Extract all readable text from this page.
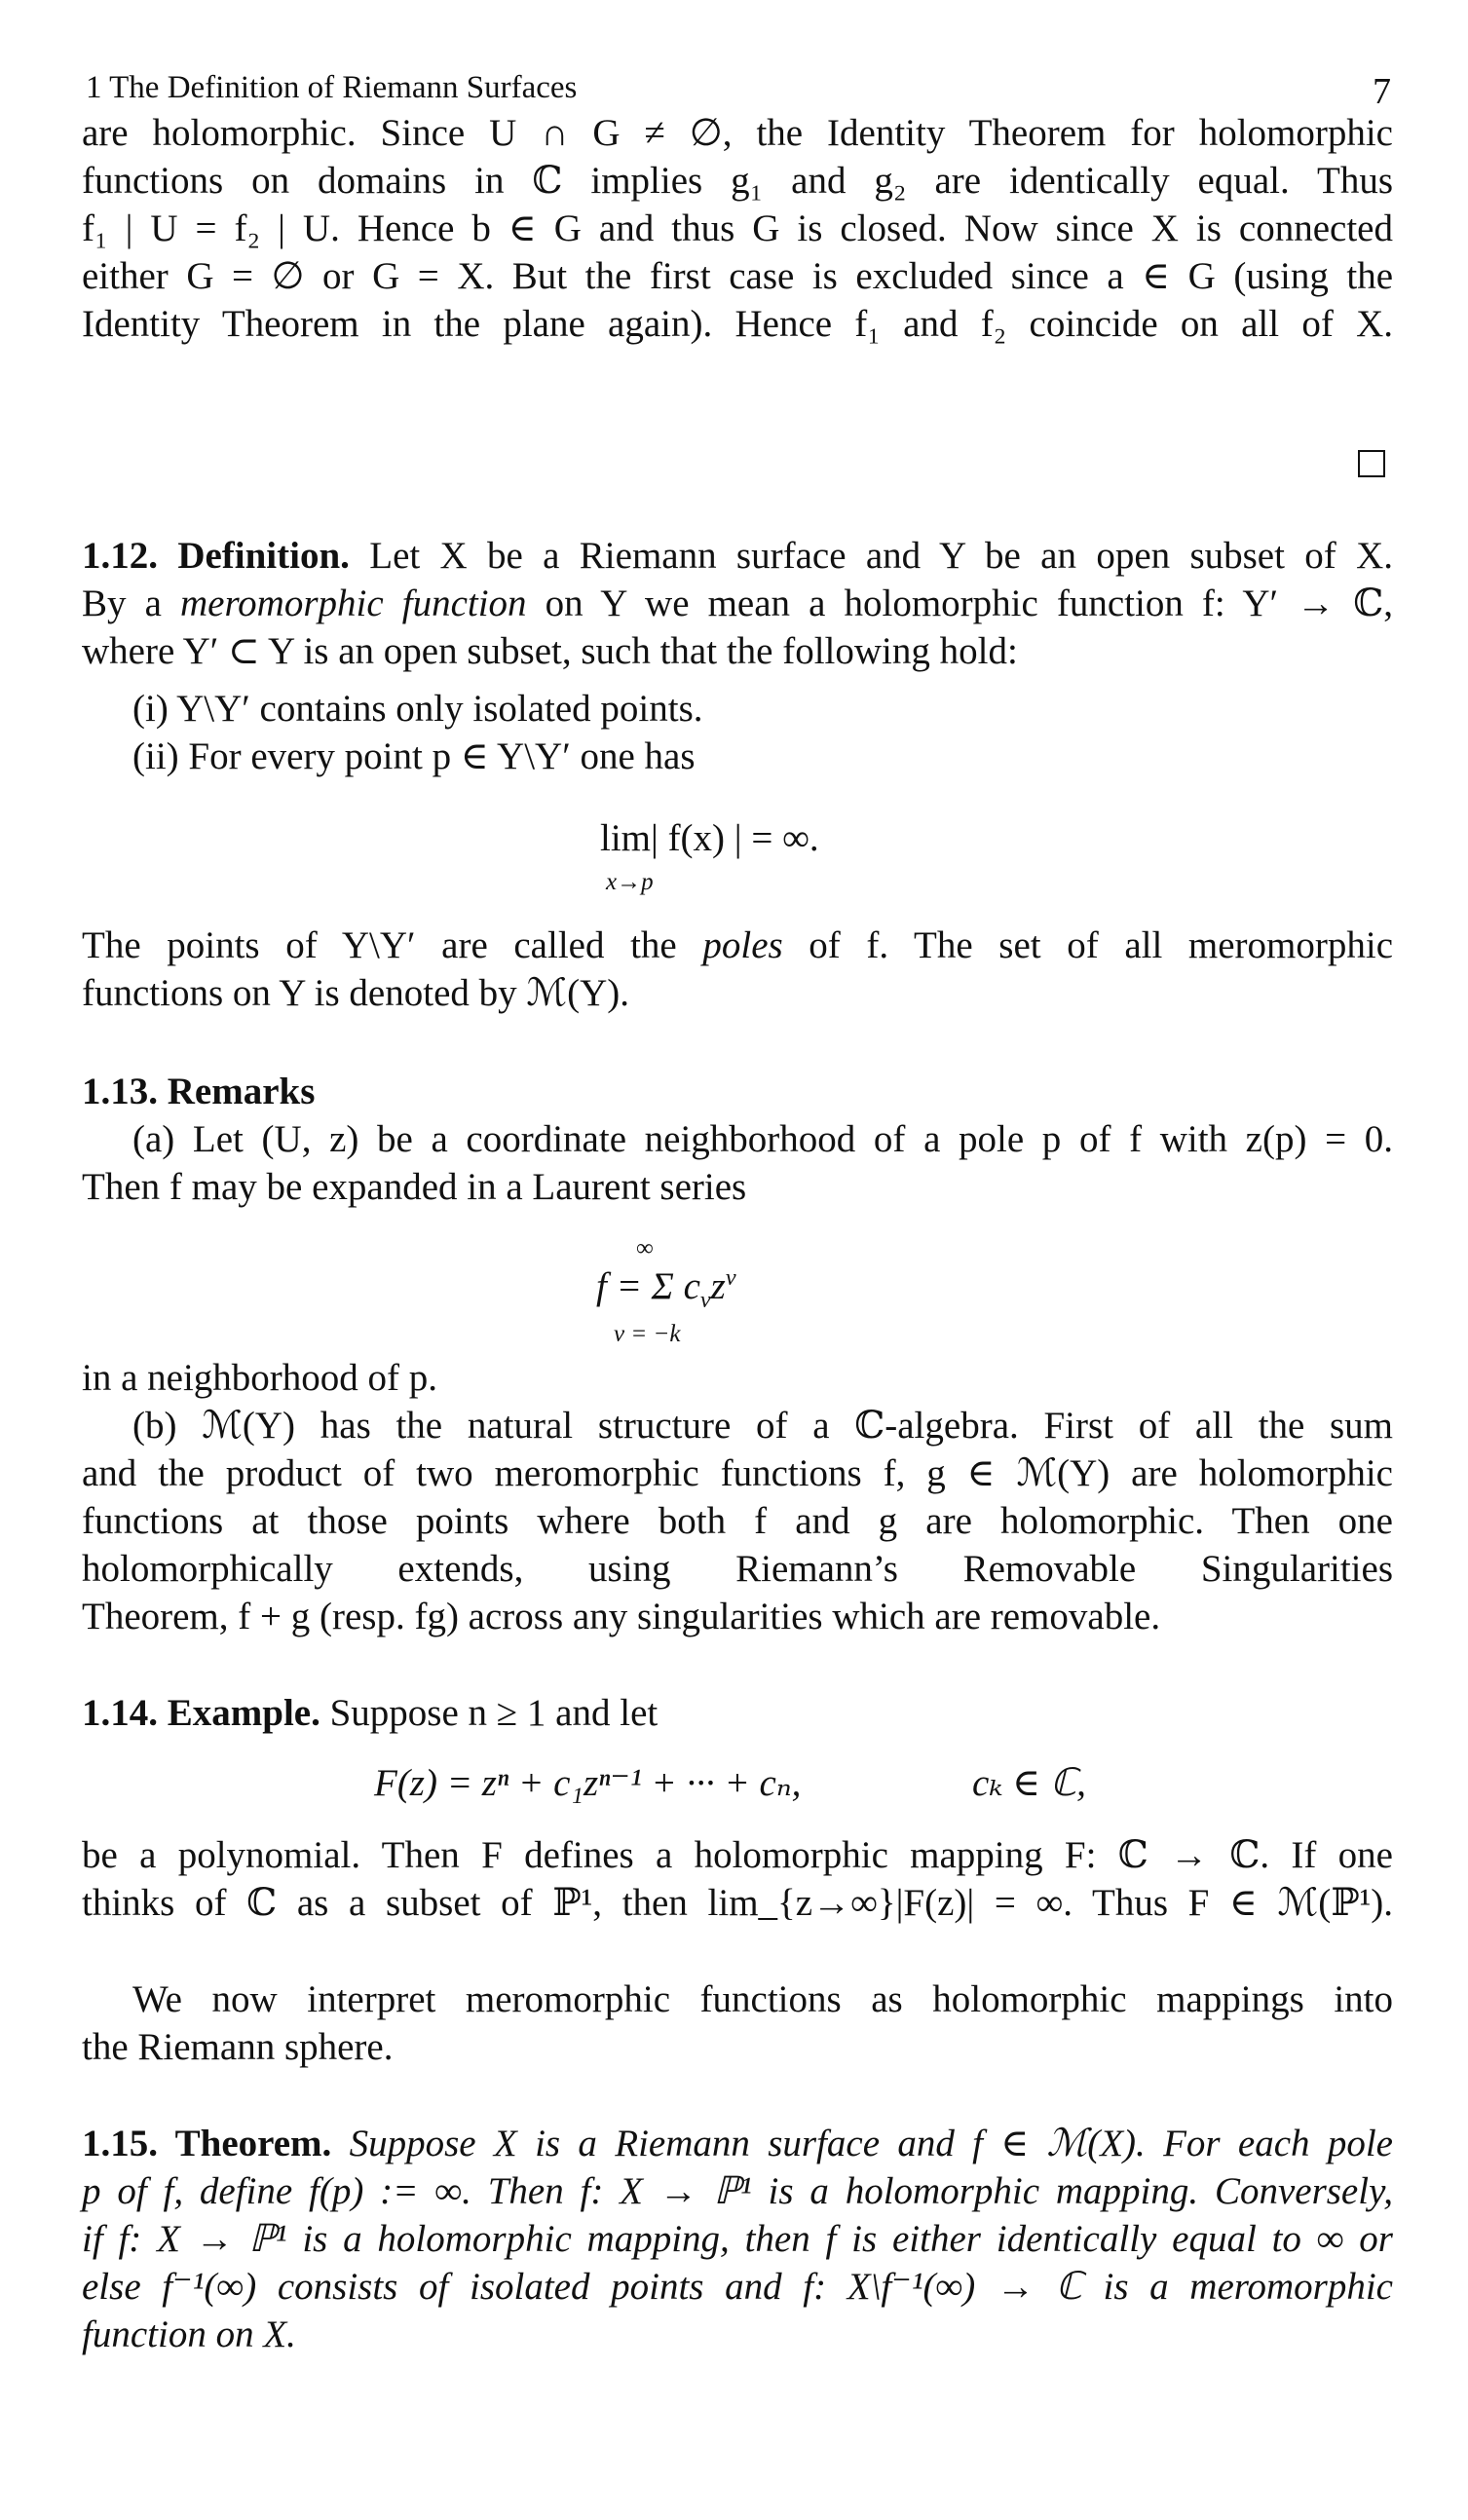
1 The Definition of Riemann Surfaces	7
are holomorphic. Since U ∩ G ≠ ∅, the Identity Theorem for holomorphic
functions on domains in ℂ implies g₁ and g₂ are identically equal. Thus
f₁ | U = f₂ | U. Hence b ∈ G and thus G is closed. Now since X is connected
either G = ∅ or G = X. But the first case is excluded since a ∈ G (using the
Identity Theorem in the plane again). Hence f₁ and f₂ coincide on all of X.
1.12. Definition. Let X be a Riemann surface and Y be an open subset of X.
By a meromorphic function on Y we mean a holomorphic function f: Y′ → ℂ,
where Y′ ⊂ Y is an open subset, such that the following hold:
(i) Y\Y′ contains only isolated points.
(ii) For every point p ∈ Y\Y′ one has
lim| f(x) | = ∞.
x→p
The points of Y\Y′ are called the poles of f. The set of all meromorphic
functions on Y is denoted by ℳ(Y).
1.13. Remarks
(a) Let (U, z) be a coordinate neighborhood of a pole p of f with z(p) = 0.
Then f may be expanded in a Laurent series
∞
f = Σ $c_\nu z^\nu$
ν = −k
in a neighborhood of p.
(b) ℳ(Y) has the natural structure of a ℂ-algebra. First of all the sum
and the product of two meromorphic functions f, g ∈ ℳ(Y) are holomorphic
functions at those points where both f and g are holomorphic. Then one
holomorphically extends, using Riemann’s Removable Singularities
Theorem, f + g (resp. fg) across any singularities which are removable.
1.14. Example. Suppose n ≥ 1 and let
F(z) = zⁿ + c₁zⁿ⁻¹ + ··· + cₙ,	cₖ ∈ ℂ,
be a polynomial. Then F defines a holomorphic mapping F: ℂ → ℂ. If one
thinks of ℂ as a subset of ℙ¹, then lim_{z→∞}|F(z)| = ∞. Thus F ∈ ℳ(ℙ¹).
We now interpret meromorphic functions as holomorphic mappings into
the Riemann sphere.
1.15. Theorem. Suppose X is a Riemann surface and f ∈ ℳ(X). For each pole
p of f, define f(p) := ∞. Then f: X → ℙ¹ is a holomorphic mapping. Conversely,
if f: X → ℙ¹ is a holomorphic mapping, then f is either identically equal to ∞ or
else f⁻¹(∞) consists of isolated points and f: X\f⁻¹(∞) → ℂ is a meromorphic
function on X.
